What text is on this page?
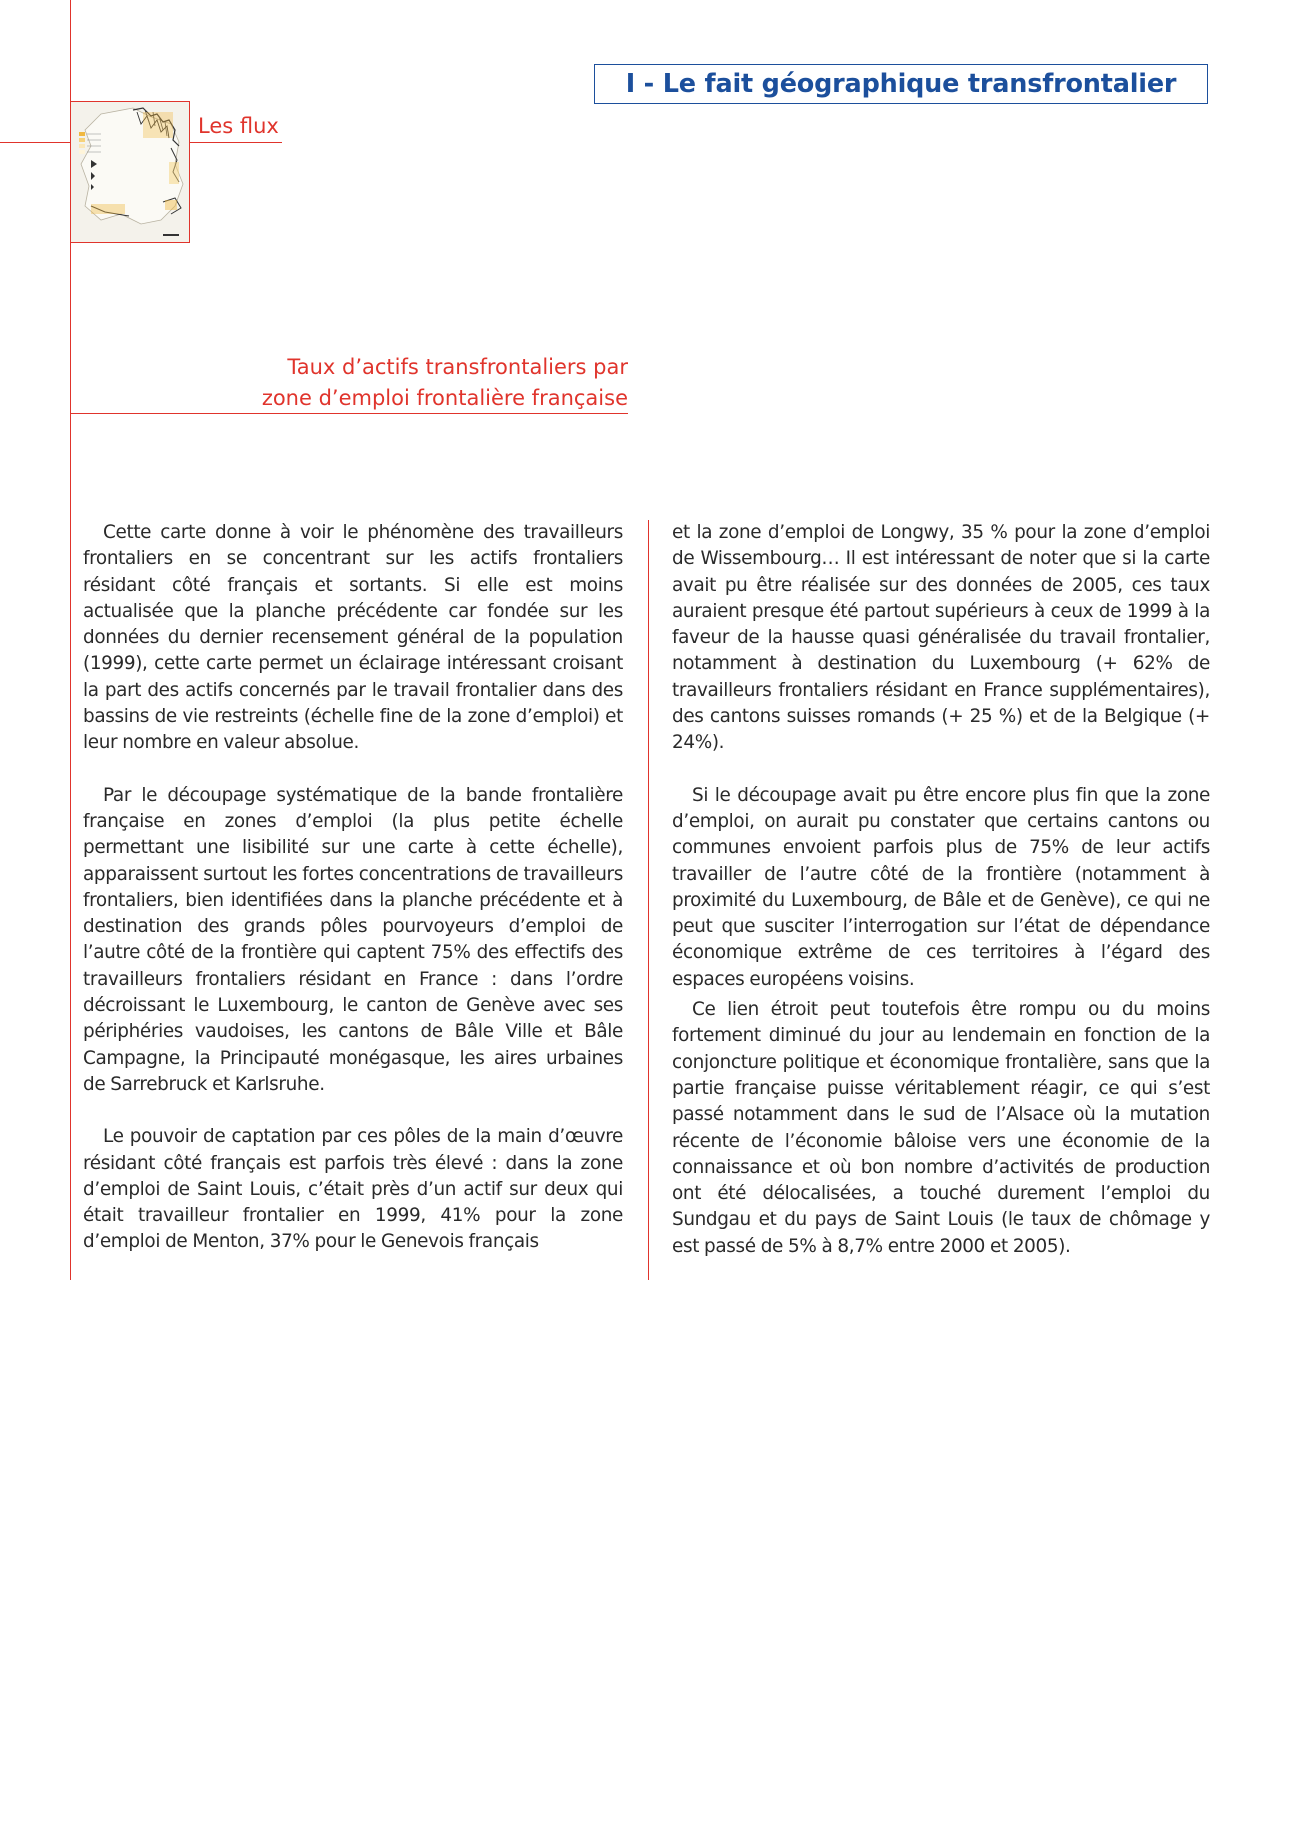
I - Le fait géographique transfrontalier
Les flux
Taux d’actifs transfrontaliers par
zone d’emploi frontalière française

Cette carte donne à voir le phénomène des travailleurs frontaliers en se concentrant sur les actifs frontaliers résidant côté français et sortants. Si elle est moins actualisée que la planche précédente car fondée sur les données du dernier recensement général de la population (1999), cette carte permet un éclairage intéressant croisant la part des actifs concernés par le travail frontalier dans des bassins de vie restreints (échelle fine de la zone d’emploi) et leur nombre en valeur absolue.

Par le découpage systématique de la bande frontalière française en zones d’emploi (la plus petite échelle permettant une lisibilité sur une carte à cette échelle), apparaissent surtout les fortes concentrations de travailleurs frontaliers, bien identifiées dans la planche précédente et à destination des grands pôles pourvoyeurs d’emploi de l’autre côté de la frontière qui captent 75% des effectifs des travailleurs frontaliers résidant en France : dans l’ordre décroissant le Luxembourg, le canton de Genève avec ses périphéries vaudoises, les cantons de Bâle Ville et Bâle Campagne, la Principauté monégasque, les aires urbaines de Sarrebruck et Karlsruhe.

Le pouvoir de captation par ces pôles de la main d’œuvre résidant côté français est parfois très élevé : dans la zone d’emploi de Saint Louis, c’était près d’un actif sur deux qui était travailleur frontalier en 1999, 41% pour la zone d’emploi de Menton, 37% pour le Genevois français

et la zone d’emploi de Longwy, 35 % pour la zone d’emploi de Wissembourg… Il est intéressant de noter que si la carte avait pu être réalisée sur des données de 2005, ces taux auraient presque été partout supérieurs à ceux de 1999 à la faveur de la hausse quasi généralisée du travail frontalier, notamment à destination du Luxembourg (+ 62% de travailleurs frontaliers résidant en France supplémentaires), des cantons suisses romands (+ 25 %) et de la Belgique (+ 24%).

Si le découpage avait pu être encore plus fin que la zone d’emploi, on aurait pu constater que certains cantons ou communes envoient parfois plus de 75% de leur actifs travailler de l’autre côté de la frontière (notamment à proximité du Luxembourg, de Bâle et de Genève), ce qui ne peut que susciter l’interrogation sur l’état de dépendance économique extrême de ces territoires à l’égard des espaces européens voisins.

Ce lien étroit peut toutefois être rompu ou du moins fortement diminué du jour au lendemain en fonction de la conjoncture politique et économique frontalière, sans que la partie française puisse véritablement réagir, ce qui s’est passé notamment dans le sud de l’Alsace où la mutation récente de l’économie bâloise vers une économie de la connaissance et où bon nombre d’activités de production ont été délocalisées, a touché durement l’emploi du Sundgau et du pays de Saint Louis (le taux de chômage y est passé de 5% à 8,7% entre 2000 et 2005).
